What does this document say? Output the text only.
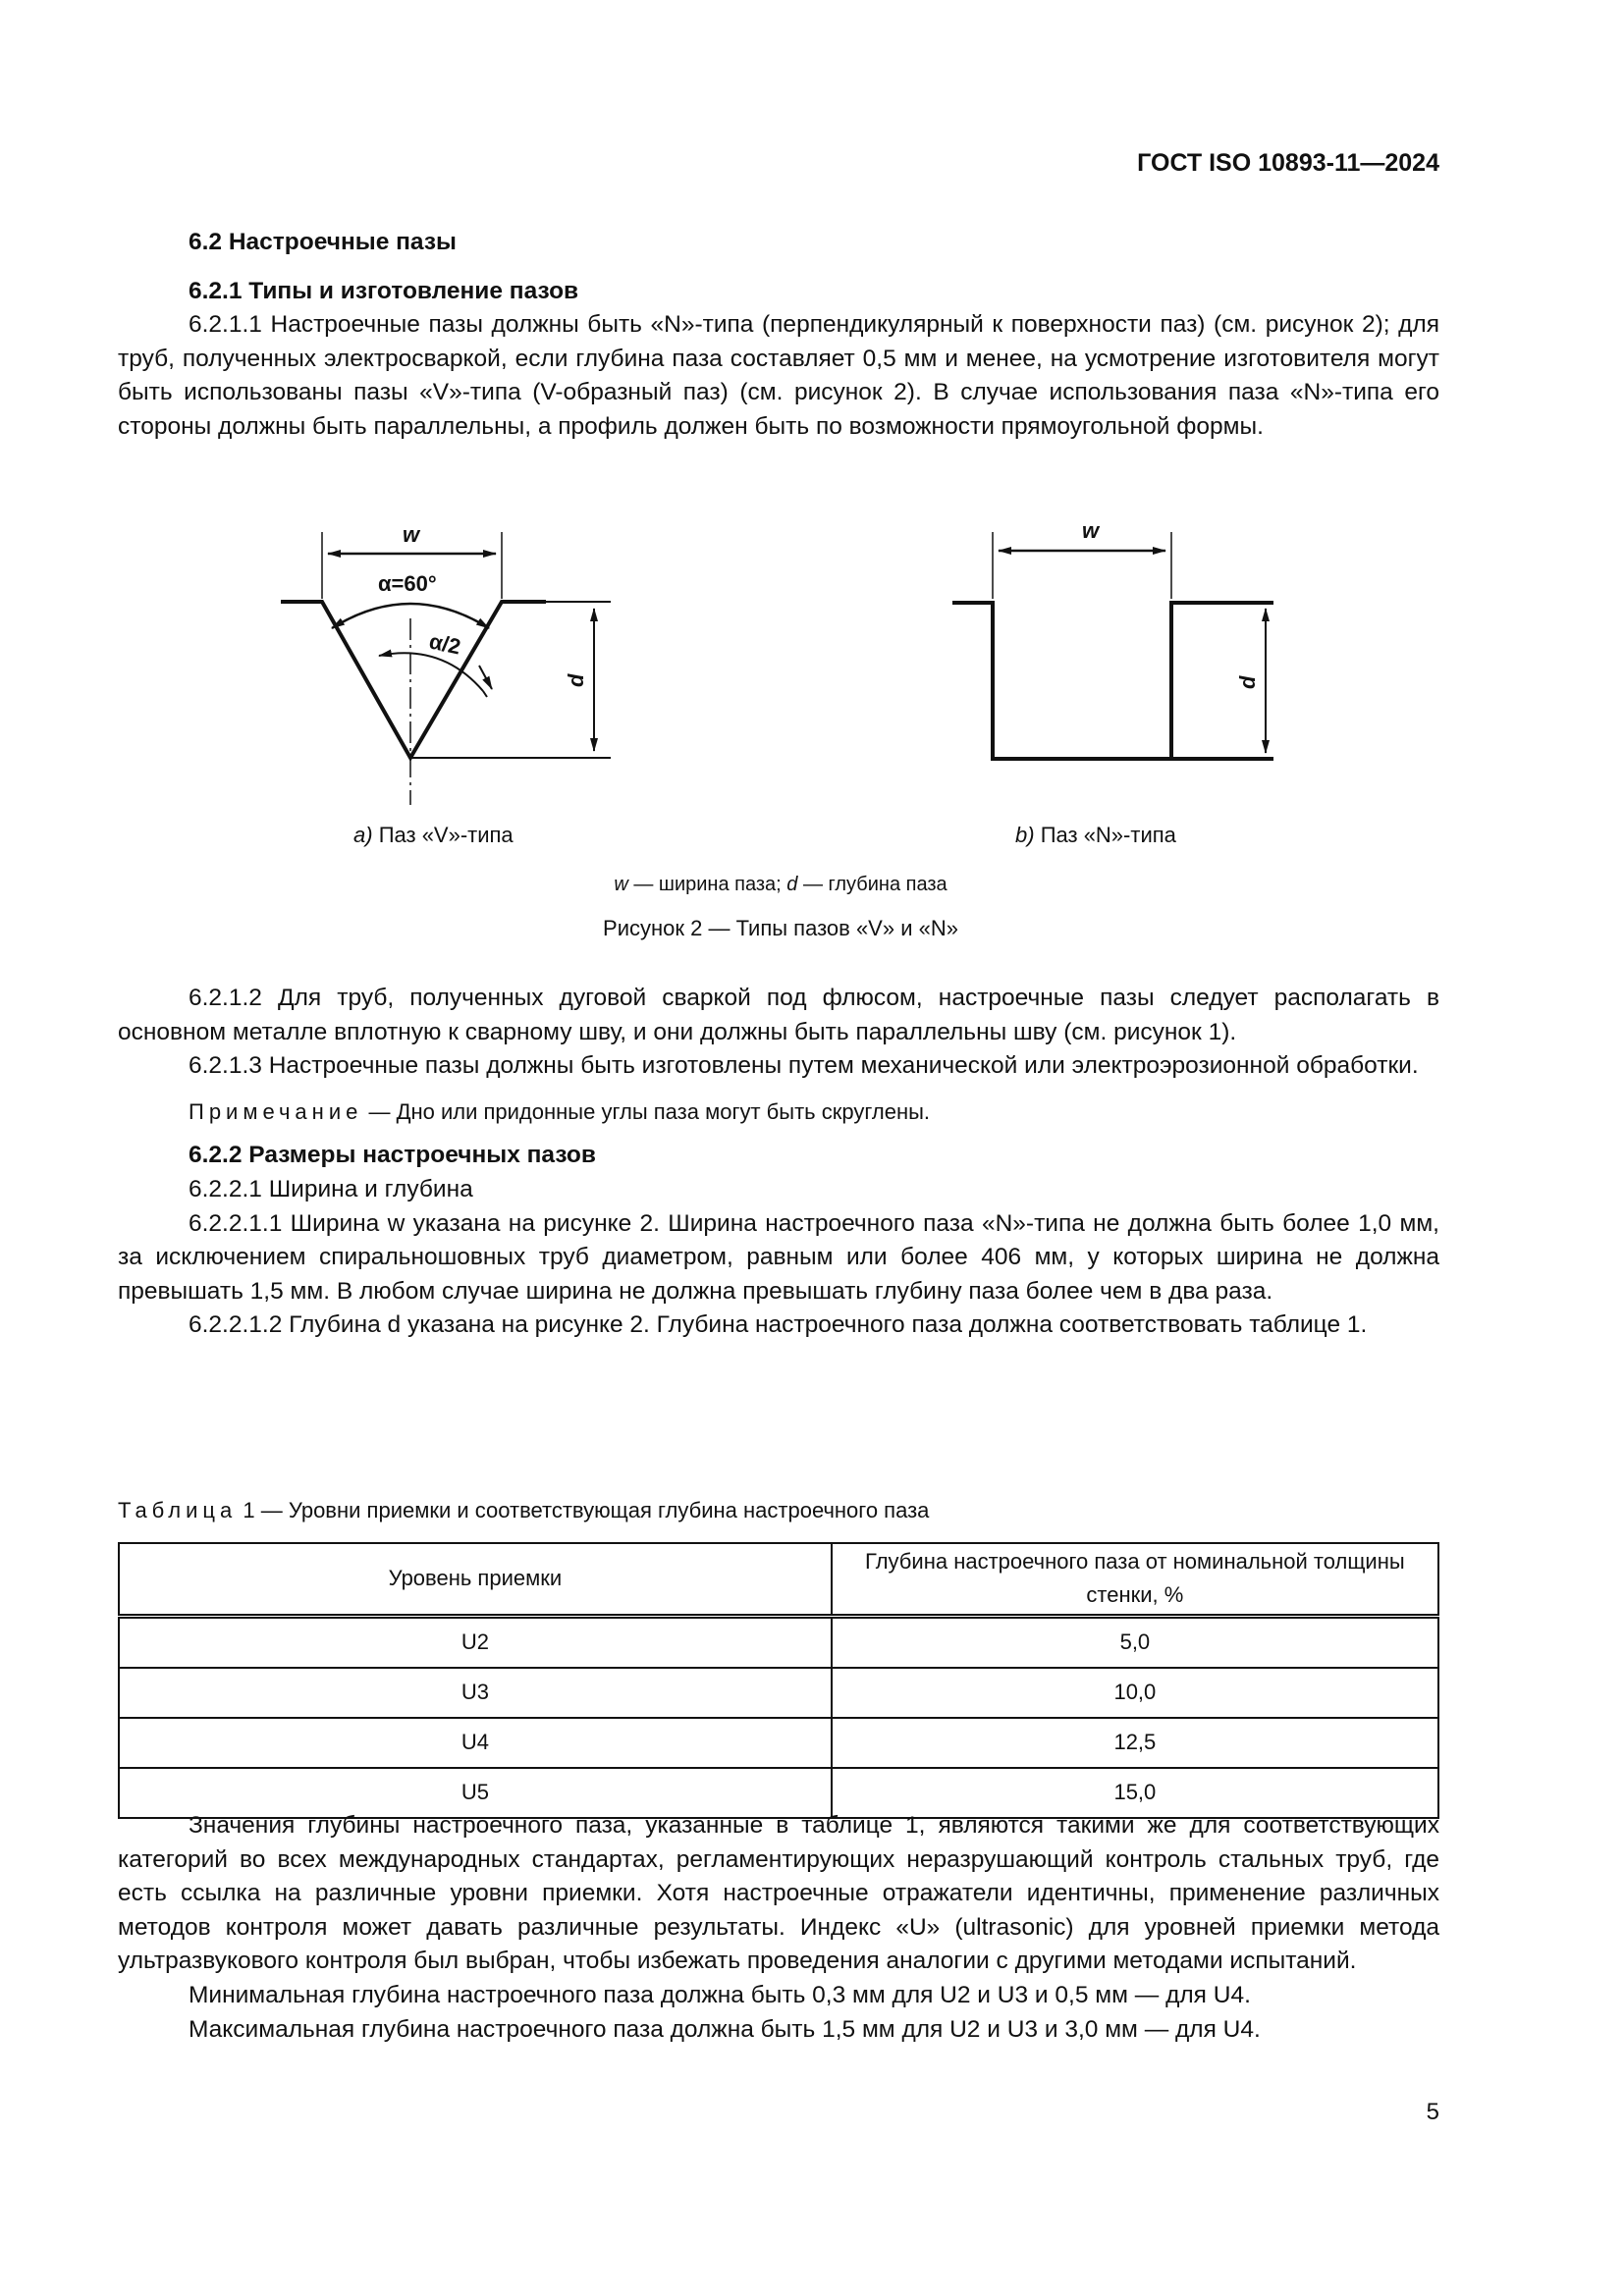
ГОСТ ISO 10893-11—2024

6.2 Настроечные пазы

6.2.1 Типы и изготовление пазов

6.2.1.1 Настроечные пазы должны быть «N»-типа (перпендикулярный к поверхности паз) (см. рисунок 2); для труб, полученных электросваркой, если глубина паза составляет 0,5 мм и менее, на усмотрение изготовителя могут быть использованы пазы «V»-типа (V-образный паз) (см. рисунок 2). В случае использования паза «N»-типа его стороны должны быть параллельны, а профиль должен быть по возможности прямоугольной формы.

w
α=60°
α/2
d
w
d
a) Паз «V»-типа	b) Паз «N»-типа
w — ширина паза; d — глубина паза
Рисунок 2 — Типы пазов «V» и «N»

6.2.1.2 Для труб, полученных дуговой сваркой под флюсом, настроечные пазы следует располагать в основном металле вплотную к сварному шву, и они должны быть параллельны шву (см. рисунок 1).

6.2.1.3 Настроечные пазы должны быть изготовлены путем механической или электроэрозионной обработки.

Примечание — Дно или придонные углы паза могут быть скруглены.

6.2.2 Размеры настроечных пазов

6.2.2.1 Ширина и глубина

6.2.2.1.1 Ширина w указана на рисунке 2. Ширина настроечного паза «N»-типа не должна быть более 1,0 мм, за исключением спиральношовных труб диаметром, равным или более 406 мм, у которых ширина не должна превышать 1,5 мм. В любом случае ширина не должна превышать глубину паза более чем в два раза.

6.2.2.1.2 Глубина d указана на рисунке 2. Глубина настроечного паза должна соответствовать таблице 1.

Таблица 1 — Уровни приемки и соответствующая глубина настроечного паза

Уровень приемки	Глубина настроечного паза от номинальной толщины стенки, %
U2	5,0
U3	10,0
U4	12,5
U5	15,0

Значения глубины настроечного паза, указанные в таблице 1, являются такими же для соответствующих категорий во всех международных стандартах, регламентирующих неразрушающий контроль стальных труб, где есть ссылка на различные уровни приемки. Хотя настроечные отражатели идентичны, применение различных методов контроля может давать различные результаты. Индекс «U» (ultrasonic) для уровней приемки метода ультразвукового контроля был выбран, чтобы избежать проведения аналогии с другими методами испытаний.

Минимальная глубина настроечного паза должна быть 0,3 мм для U2 и U3 и 0,5 мм — для U4.

Максимальная глубина настроечного паза должна быть 1,5 мм для U2 и U3 и 3,0 мм — для U4.

5
